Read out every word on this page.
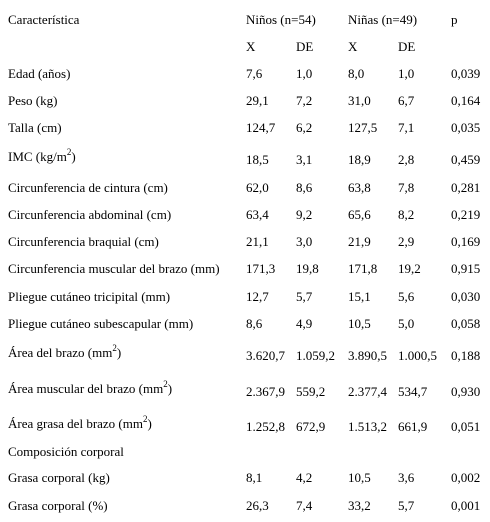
Característica	Niños (n=54) Niñas (n=49)	p
X	DE	X	DE
Edad (años)	7,6	1,0	8,0	1,0	0,039
Peso (kg)	29,1 7,2	31,0 6,7	0,164
Talla (cm)	124,7 6,2	127,5 7,1	0,035
IMC $(kg/m^2)$	18,5 3,1	18,9 2,8	0,459
Circunferencia de cintura (cm)	62,0 8,6	63,8 7,8	0,281
Circunferencia abdominal (cm)	63,4 9,2	65,6 8,2	0,219
Circunferencia braquial (cm)	21,1 3,0	21,9 2,9	0,169
Circunferencia muscular del brazo (mm) 171,3 19,8 171,8 19,2 0,915
Pliegue cutáneo tricipital (mm)	12,7 5,7	15,1 5,6	0,030
Pliegue cutáneo subescapular (mm)	8,6	4,9	10,5 5,0	0,058
Área del brazo $(mm^2)$	3.620,7 1.059,2 3.890,5 1.000,5 0,188
Área muscular del brazo $(mm^2)$	2.367,9 559,2 2.377,4 534,7 0,930
Área grasa del brazo $(mm^2)$	1.252,8 672,9 1.513,2 661,9 0,051
Composición corporal
Grasa corporal (kg)	8,1	4,2	10,5 3,6	0,002
Grasa corporal (%)	26,3 7,4	33,2 5,7	0,001
